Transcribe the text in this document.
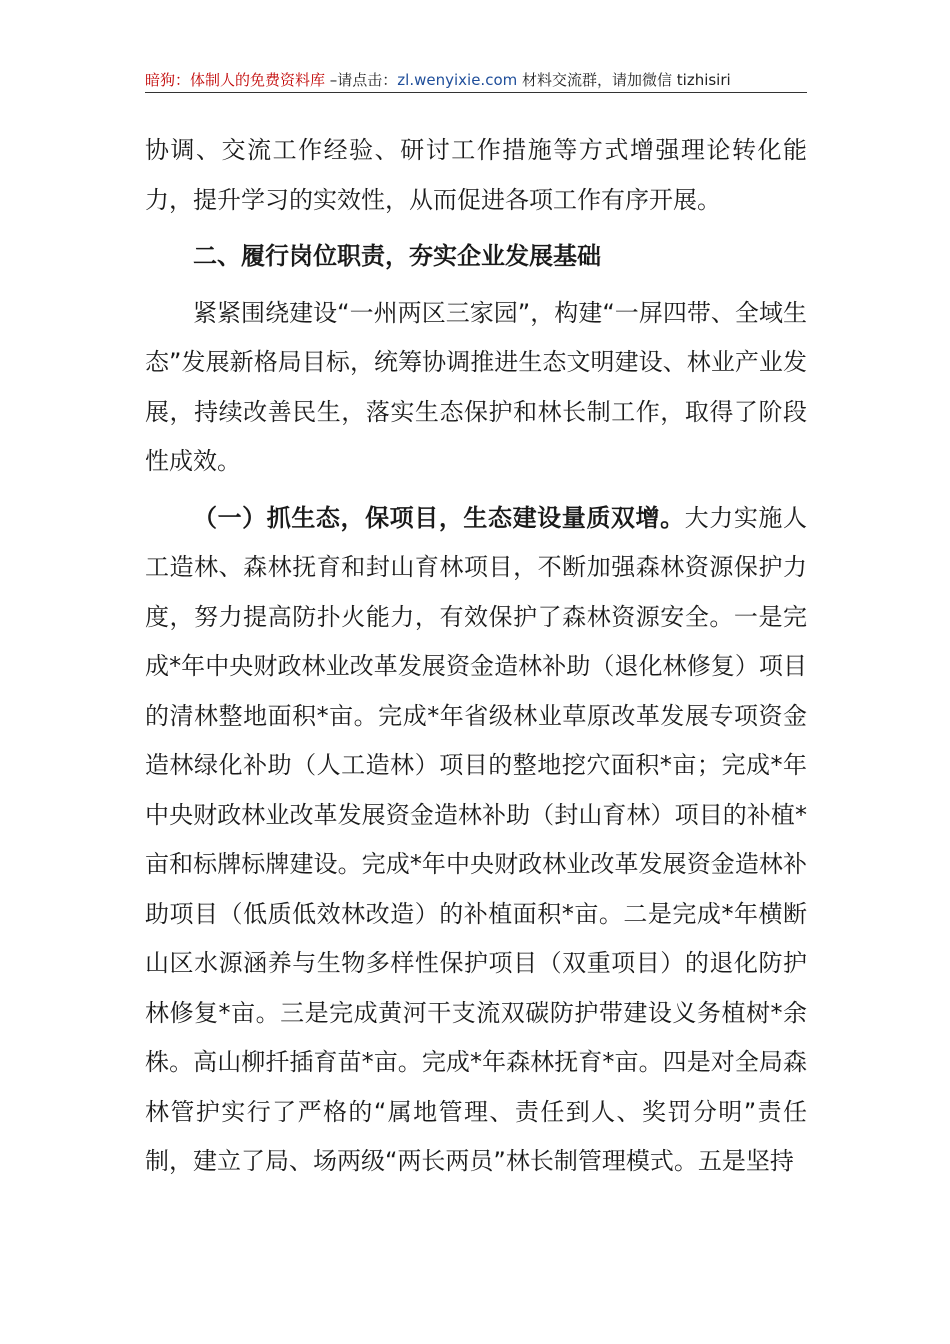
暗狗：体制人的免费资料库 –请点击：zl.wenyixie.com 材料交流群，请加微信 tizhisiri

协调、交流工作经验、研讨工作措施等方式增强理论转化能力，提升学习的实效性，从而促进各项工作有序开展。

二、履行岗位职责，夯实企业发展基础

紧紧围绕建设“一州两区三家园”，构建“一屏四带、全域生态”发展新格局目标，统筹协调推进生态文明建设、林业产业发展，持续改善民生，落实生态保护和林长制工作，取得了阶段性成效。

（一）抓生态，保项目，生态建设量质双增。大力实施人工造林、森林抚育和封山育林项目，不断加强森林资源保护力度，努力提高防扑火能力，有效保护了森林资源安全。一是完成*年中央财政林业改革发展资金造林补助（退化林修复）项目的清林整地面积*亩。完成*年省级林业草原改革发展专项资金造林绿化补助（人工造林）项目的整地挖穴面积*亩；完成*年中央财政林业改革发展资金造林补助（封山育林）项目的补植*亩和标牌标牌建设。完成*年中央财政林业改革发展资金造林补助项目（低质低效林改造）的补植面积*亩。二是完成*年横断山区水源涵养与生物多样性保护项目（双重项目）的退化防护林修复*亩。三是完成黄河干支流双碳防护带建设义务植树*余株。高山柳扦插育苗*亩。完成*年森林抚育*亩。四是对全局森林管护实行了严格的“属地管理、责任到人、奖罚分明”责任制，建立了局、场两级“两长两员”林长制管理模式。五是坚持
